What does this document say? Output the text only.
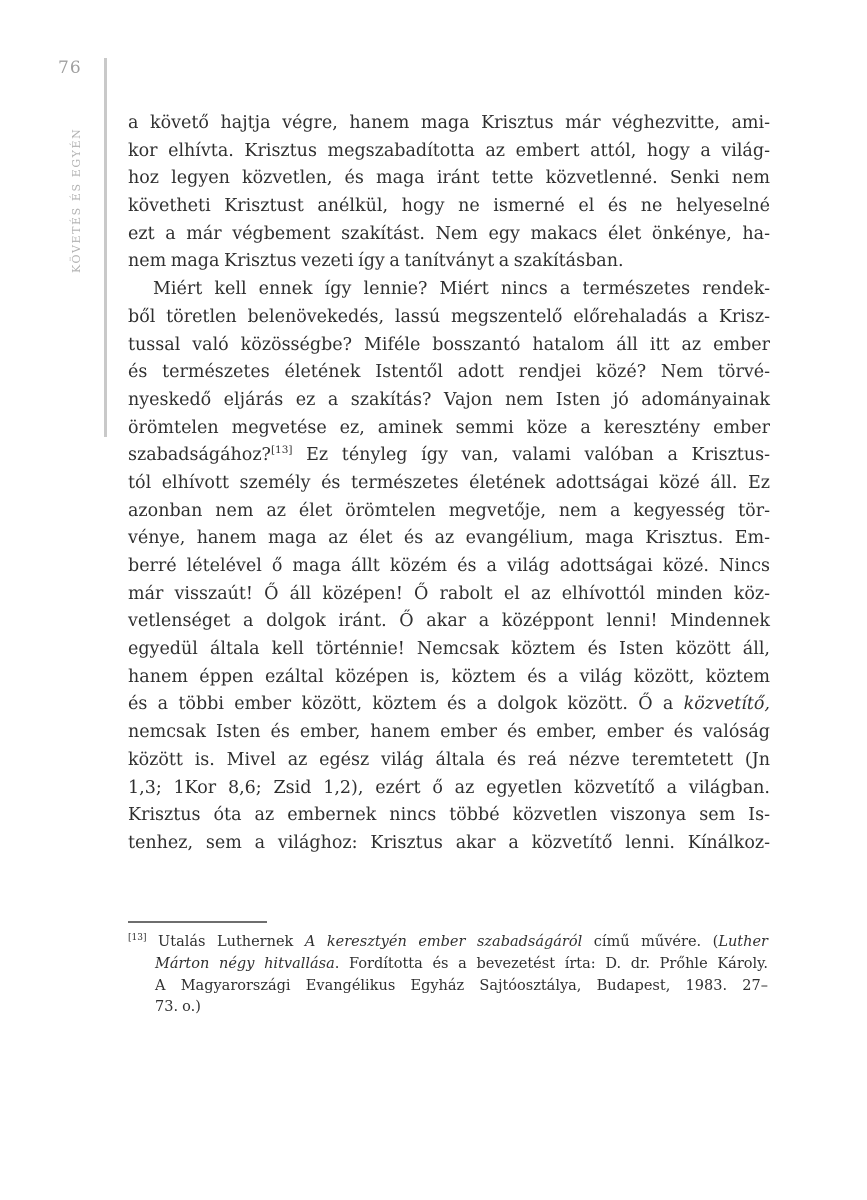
76
KÖVETÉS ÉS EGYÉN
a követő hajtja végre, hanem maga Krisztus már véghezvitte, ami-
kor elhívta. Krisztus megszabadította az embert attól, hogy a világ-
hoz legyen közvetlen, és maga iránt tette közvetlenné. Senki nem
követheti Krisztust anélkül, hogy ne ismerné el és ne helyeselné
ezt a már végbement szakítást. Nem egy makacs élet önkénye, ha-
nem maga Krisztus vezeti így a tanítványt a szakításban.
Miért kell ennek így lennie? Miért nincs a természetes rendek-
ből töretlen belenövekedés, lassú megszentelő előrehaladás a Krisz-
tussal való közösségbe? Miféle bosszantó hatalom áll itt az ember
és természetes életének Istentől adott rendjei közé? Nem törvé-
nyeskedő eljárás ez a szakítás? Vajon nem Isten jó adományainak
örömtelen megvetése ez, aminek semmi köze a keresztény ember
szabadságához?[13] Ez tényleg így van, valami valóban a Krisztus-
tól elhívott személy és természetes életének adottságai közé áll. Ez
azonban nem az élet örömtelen megvetője, nem a kegyesség tör-
vénye, hanem maga az élet és az evangélium, maga Krisztus. Em-
berré lételével ő maga állt közém és a világ adottságai közé. Nincs
már visszaút! Ő áll középen! Ő rabolt el az elhívottól minden köz-
vetlenséget a dolgok iránt. Ő akar a középpont lenni! Mindennek
egyedül általa kell történnie! Nemcsak köztem és Isten között áll,
hanem éppen ezáltal középen is, köztem és a világ között, köztem
és a többi ember között, köztem és a dolgok között. Ő a közvetítő,
nemcsak Isten és ember, hanem ember és ember, ember és valóság
között is. Mivel az egész világ általa és reá nézve teremtetett (Jn
1,3; 1Kor 8,6; Zsid 1,2), ezért ő az egyetlen közvetítő a világban.
Krisztus óta az embernek nincs többé közvetlen viszonya sem Is-
tenhez, sem a világhoz: Krisztus akar a közvetítő lenni. Kínálkoz-
[13] Utalás Luthernek A keresztyén ember szabadságáról című művére. (Luther
Márton négy hitvallása. Fordította és a bevezetést írta: D. dr. Prőhle Károly.
A Magyarországi Evangélikus Egyház Sajtóosztálya, Budapest, 1983. 27–
73. o.)
